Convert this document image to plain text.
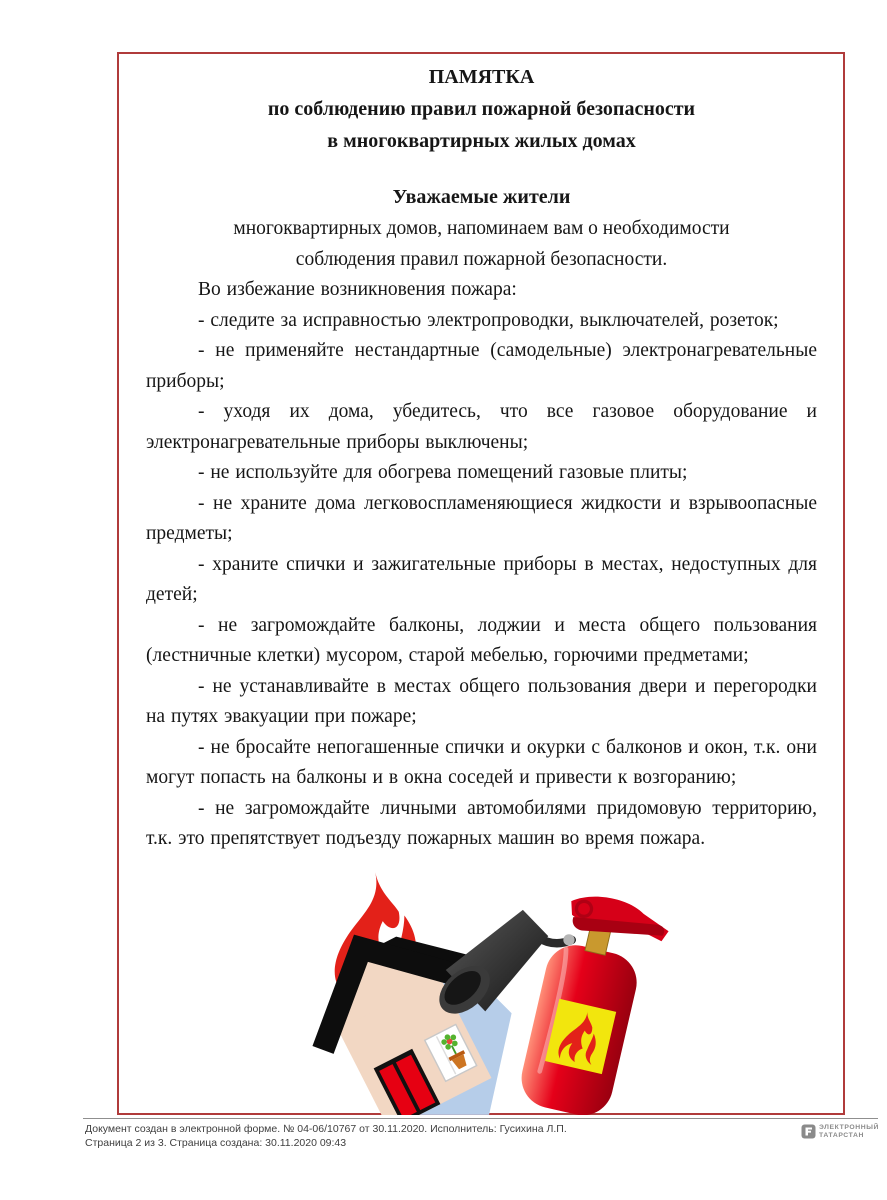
ПАМЯТКА
по соблюдению правил пожарной безопасности
в многоквартирных жилых домах
Уважаемые жители
многоквартирных домов, напоминаем вам о необходимости
соблюдения правил пожарной безопасности.

Во избежание возникновения пожара:

- следите за исправностью электропроводки, выключателей, розеток;

- не применяйте нестандартные (самодельные) электронагревательные приборы;

- уходя их дома, убедитесь, что все газовое оборудование и электронагревательные приборы выключены;

- не используйте для обогрева помещений газовые плиты;

- не храните дома легковоспламеняющиеся жидкости и взрывоопасные предметы;

- храните спички и зажигательные приборы в местах, недоступных для детей;

- не загромождайте балконы, лоджии и места общего пользования (лестничные клетки) мусором, старой мебелью, горючими предметами;

- не устанавливайте в местах общего пользования двери и перегородки на путях эвакуации при пожаре;

- не бросайте непогашенные спички и окурки с балконов и окон, т.к. они могут попасть на балконы и в окна соседей и привести к возгоранию;

- не загромождайте личными автомобилями придомовую территорию, т.к. это препятствует подъезду пожарных машин во время пожара.

Документ создан в электронной форме. № 04-06/10767 от 30.11.2020. Исполнитель: Гусихина Л.П.
Страница 2 из 3. Страница создана: 30.11.2020 09:43
ЭЛЕКТРОННЫЙ
ТАТАРСТАН
